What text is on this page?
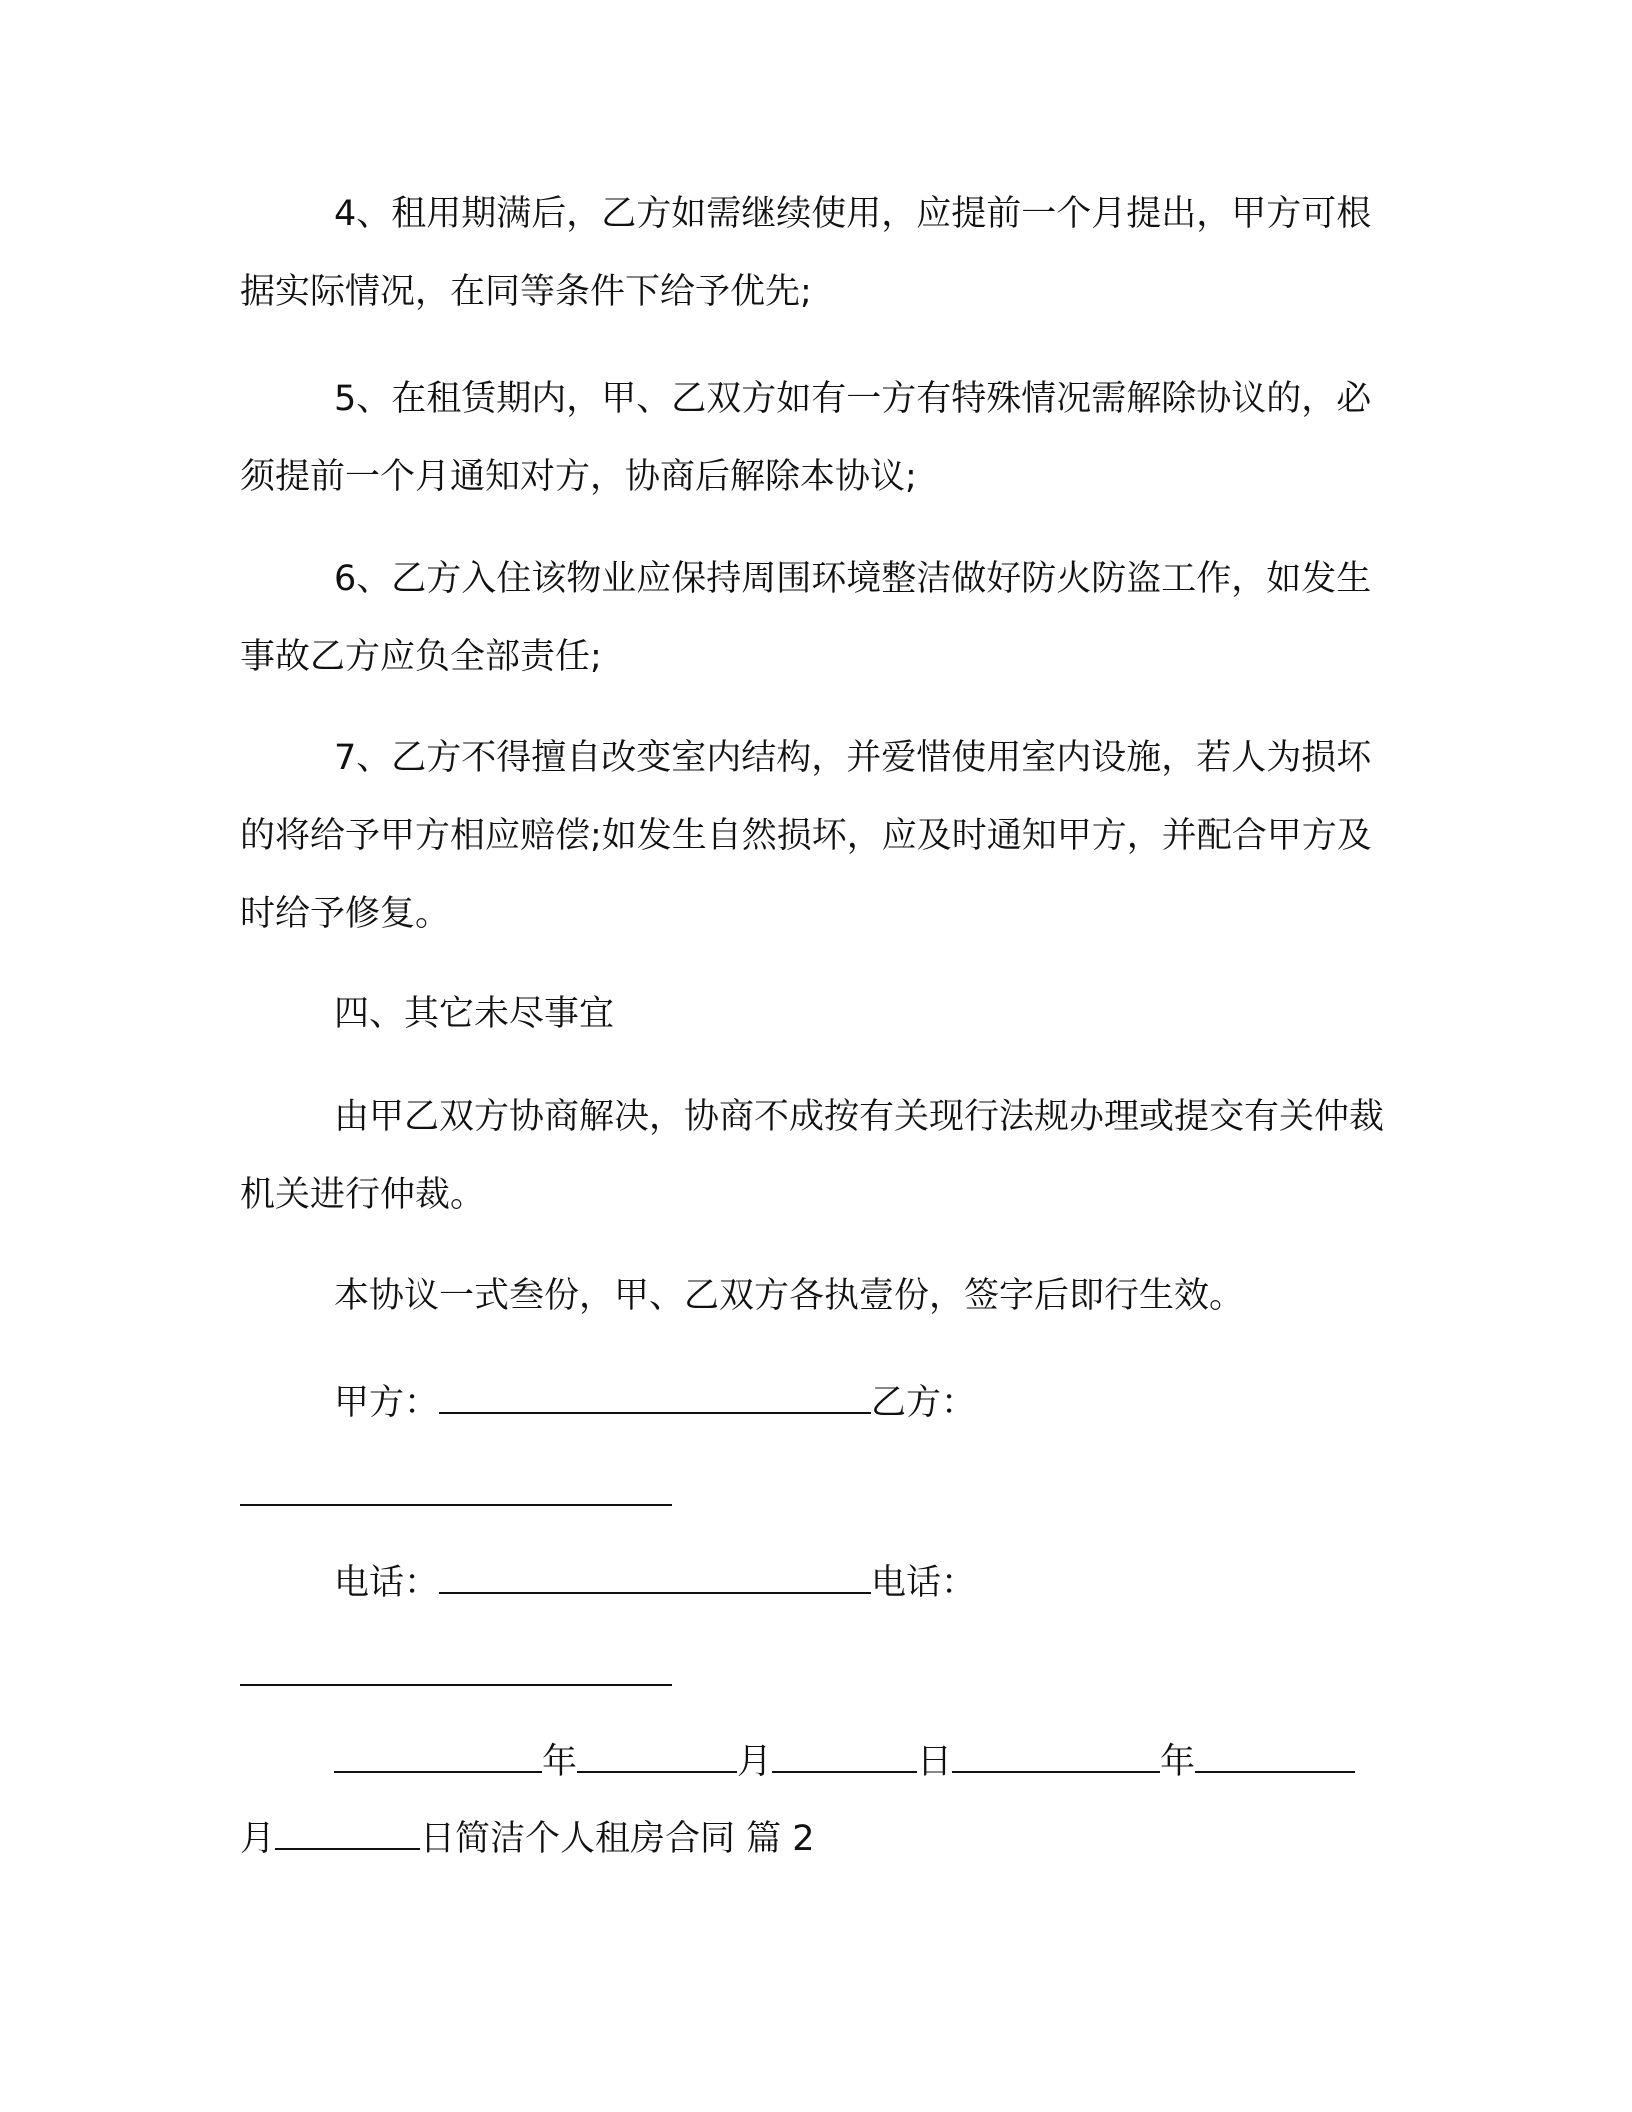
4、租用期满后，乙方如需继续使用，应提前一个月提出，甲方可根据实际情况，在同等条件下给予优先;

5、在租赁期内，甲、乙双方如有一方有特殊情况需解除协议的，必须提前一个月通知对方，协商后解除本协议;

6、乙方入住该物业应保持周围环境整洁做好防火防盗工作，如发生事故乙方应负全部责任;

7、乙方不得擅自改变室内结构，并爱惜使用室内设施，若人为损坏的将给予甲方相应赔偿;如发生自然损坏，应及时通知甲方，并配合甲方及时给予修复。

四、其它未尽事宜

由甲乙双方协商解决，协商不成按有关现行法规办理或提交有关仲裁机关进行仲裁。

本协议一式叁份，甲、乙双方各执壹份，签字后即行生效。

甲方：	乙方：
电话：	电话：
年	月	日	年
月	日简洁个人租房合同 篇 2
